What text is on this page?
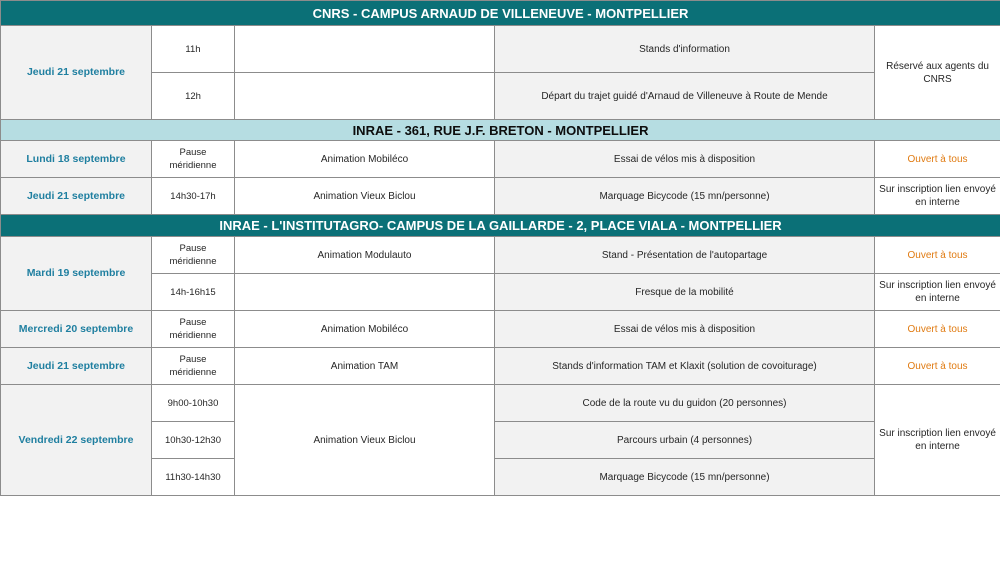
CNRS - CAMPUS ARNAUD DE VILLENEUVE - MONTPELLIER				
Jeudi 21 septembre	11h		Stands d'information	Réservé aux agents du CNRS
	12h		Départ du trajet guidé d'Arnaud de Villeneuve à Route de Mende	
INRAE - 361, RUE J.F. BRETON - MONTPELLIER				
Lundi 18 septembre	Pause méridienne	Animation Mobiléco	Essai de vélos mis à disposition	Ouvert à tous
Jeudi 21 septembre	14h30-17h	Animation Vieux Biclou	Marquage Bicycode (15 mn/personne)	Sur inscription lien envoyé en interne
INRAE - L'INSTITUTAGRO- CAMPUS DE LA GAILLARDE - 2, PLACE VIALA - MONTPELLIER				
Mardi 19 septembre	Pause méridienne	Animation Modulauto	Stand - Présentation de l'autopartage	Ouvert à tous
	14h-16h15		Fresque de la mobilité	Sur inscription lien envoyé en interne
Mercredi 20 septembre	Pause méridienne	Animation Mobiléco	Essai de vélos mis à disposition	Ouvert à tous
Jeudi 21 septembre	Pause méridienne	Animation TAM	Stands d'information TAM et Klaxit (solution de covoiturage)	Ouvert à tous
Vendredi 22 septembre	9h00-10h30	Animation Vieux Biclou	Code de la route vu du guidon (20 personnes)	Sur inscription lien envoyé en interne
	10h30-12h30		Parcours urbain (4 personnes)	
	11h30-14h30		Marquage Bicycode (15 mn/personne)	
